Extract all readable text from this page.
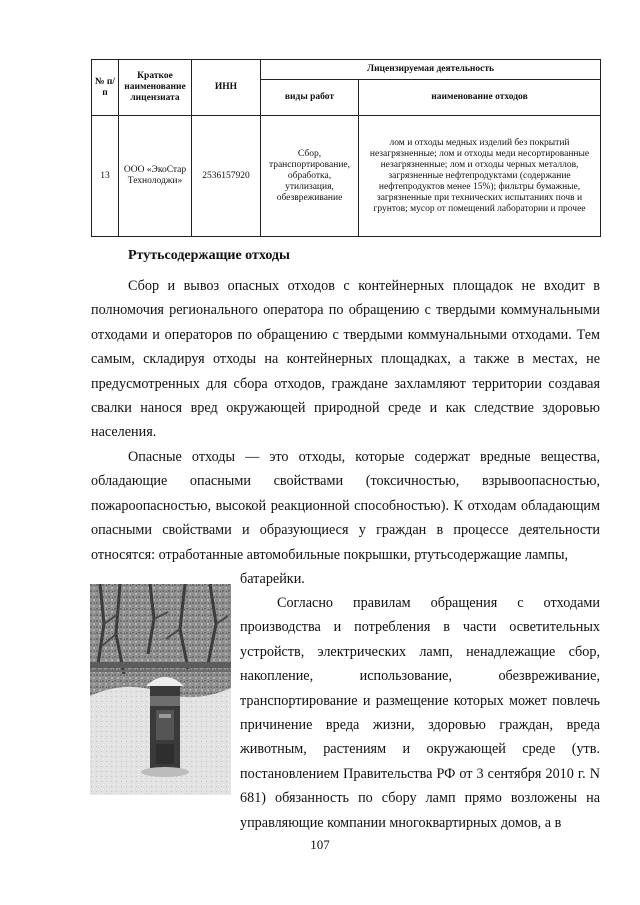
№ п/п	Краткое наименование лицензиата	ИНН	Лицензируемая деятельность	
			виды работ	наименование отходов
13	ООО «ЭкоСтар Технолоджи»	2536157920	Сбор, транспортирование, обработка, утилизация, обезвреживание	лом и отходы медных изделий без покрытий незагрязненные; лом и отходы меди несортированные незагрязненные; лом и отходы черных металлов, загрязненные нефтепродуктами (содержание нефтепродуктов менее 15%); фильтры бумажные, загрязненные при технических испытаниях почв и грунтов; мусор от помещений лаборатории и прочее
Ртутьсодержащие отходы

Сбор и вывоз опасных отходов с контейнерных площадок не входит в полномочия регионального оператора по обращению с твердыми коммунальными отходами и операторов по обращению с твердыми коммунальными отходами. Тем самым, складируя отходы на контейнерных площадках, а также в местах, не предусмотренных для сбора отходов, граждане захламляют территории создавая свалки нанося вред окружающей природной среде и как следствие здоровью населения.

Опасные отходы — это отходы, которые содержат вредные вещества, обладающие опасными свойствами (токсичностью, взрывоопасностью, пожароопасностью, высокой реакционной способностью). К отходам обладающим опасными свойствами и образующиеся у граждан в процессе деятельности относятся: отработанные автомобильные покрышки, ртутьсодержащие лампы,

батарейки.

Согласно правилам обращения с отходами производства и потребления в части осветительных устройств, электрических ламп, ненадлежащие сбор, накопление, использование, обезвреживание, транспортирование и размещение которых может повлечь причинение вреда жизни, здоровью граждан, вреда животным, растениям и окружающей среде (утв. постановлением Правительства РФ от 3 сентября 2010 г. N 681) обязанность по сбору ламп прямо возложены на управляющие компании многоквартирных домов, а в

107
